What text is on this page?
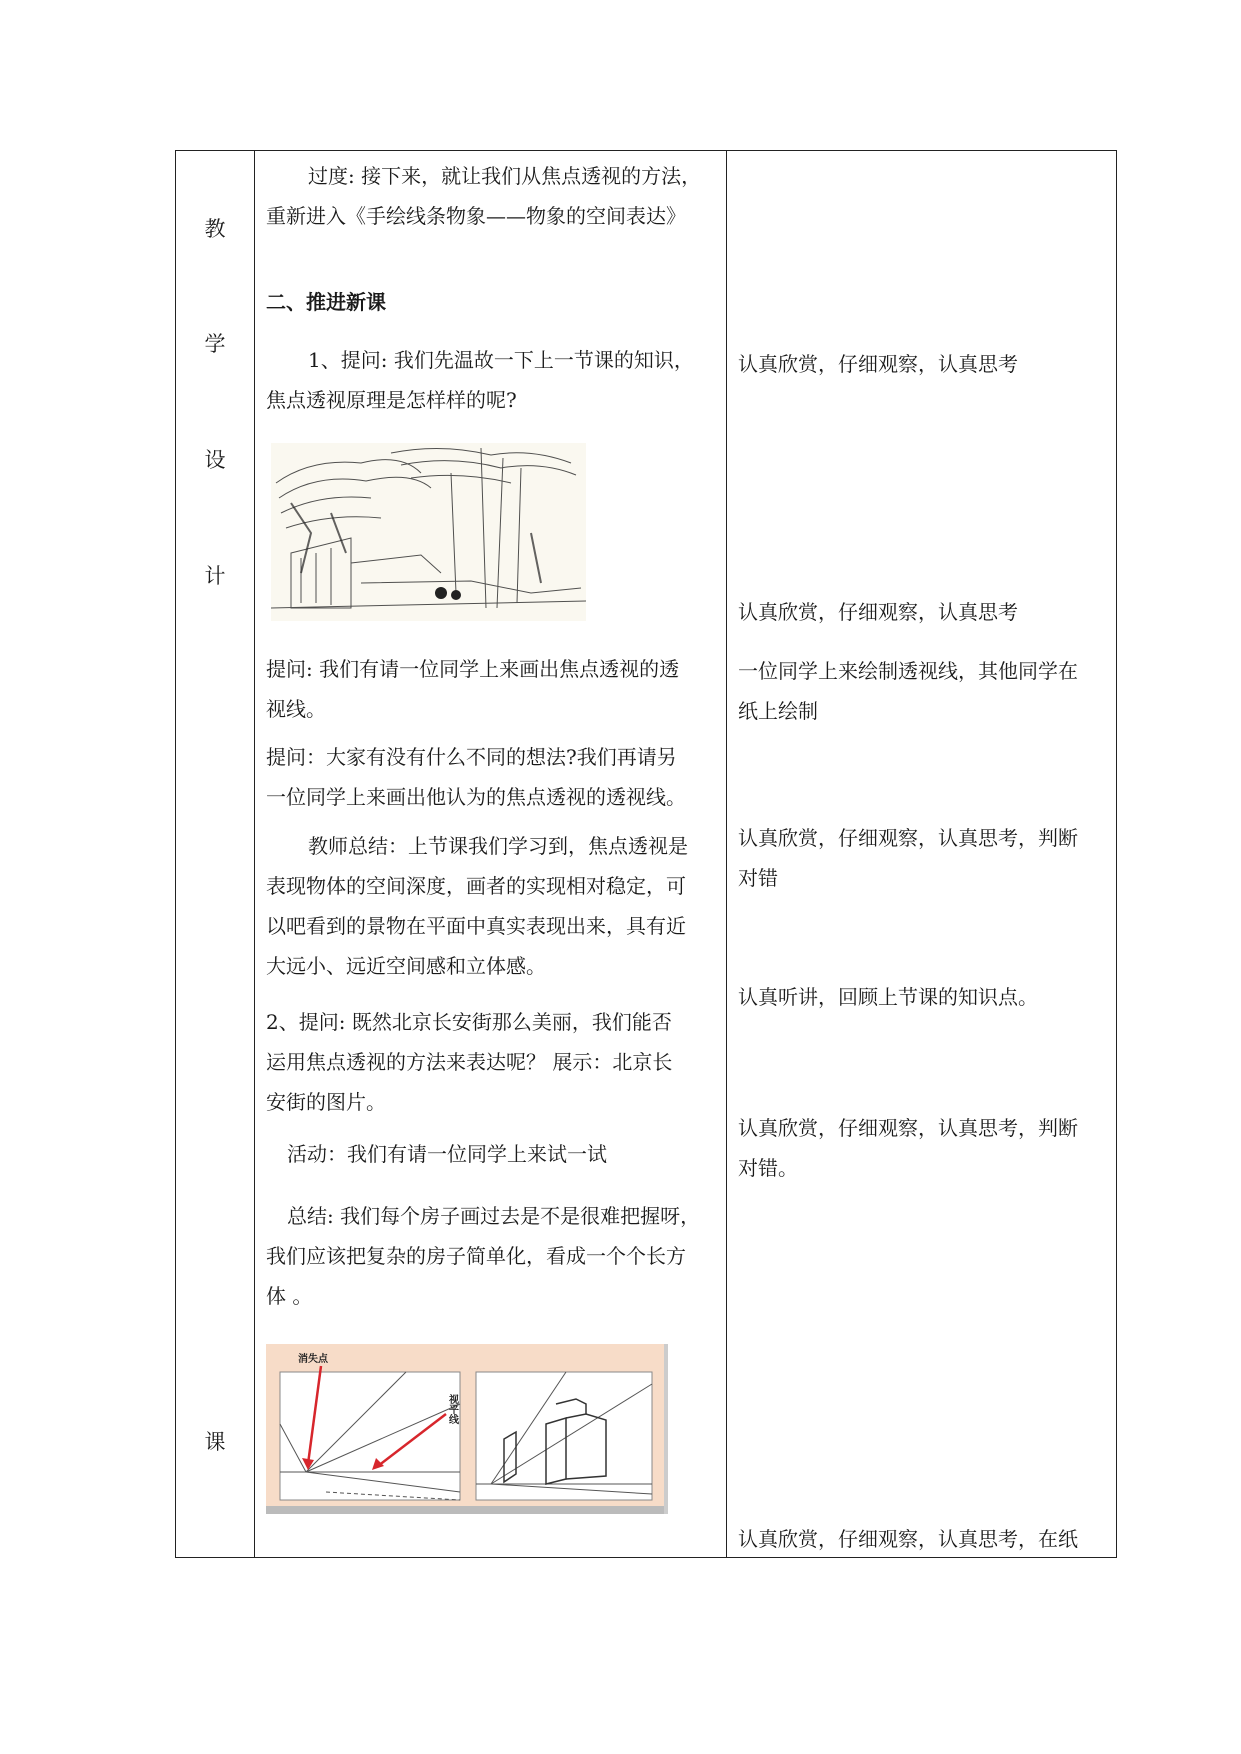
教
学
设
计
课

过度: 接下来，就让我们从焦点透视的方法，

重新进入《手绘线条物象——物象的空间表达》

二、推进新课

1、提问: 我们先温故一下上一节课的知识，

焦点透视原理是怎样样的呢?

提问: 我们有请一位同学上来画出焦点透视的透

视线。

提问：大家有没有什么不同的想法?我们再请另

一位同学上来画出他认为的焦点透视的透视线。

教师总结：上节课我们学习到，焦点透视是

表现物体的空间深度，画者的实现相对稳定，可

以吧看到的景物在平面中真实表现出来，具有近

大远小、远近空间感和立体感。

2、提问: 既然北京长安街那么美丽，我们能否

运用焦点透视的方法来表达呢？ 展示：北京长

安街的图片。

活动：我们有请一位同学上来试一试

总结: 我们每个房子画过去是不是很难把握呀，

我们应该把复杂的房子简单化，看成一个个长方

体 。

消失点
视平线
认真欣赏，仔细观察，认真思考
认真欣赏，仔细观察，认真思考

一位同学上来绘制透视线，其他同学在

纸上绘制

认真欣赏，仔细观察，认真思考，判断

对错

认真听讲，回顾上节课的知识点。

认真欣赏，仔细观察，认真思考，判断

对错。

认真欣赏，仔细观察，认真思考，在纸
